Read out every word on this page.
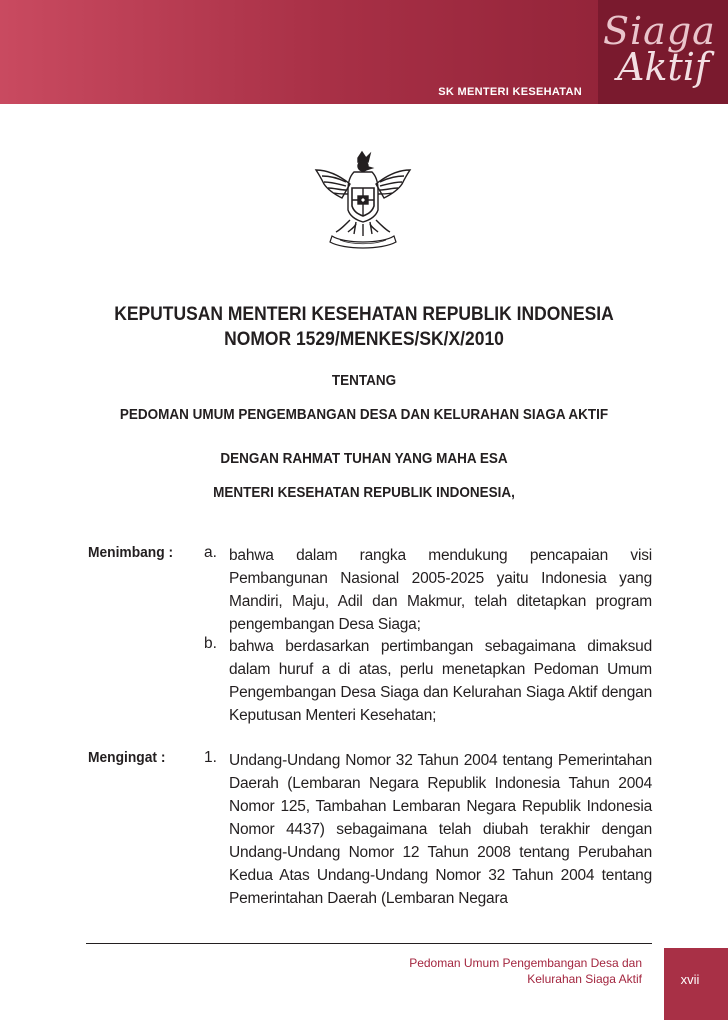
Siaga
Aktif
SK MENTERI KESEHATAN
KEPUTUSAN MENTERI KESEHATAN REPUBLIK INDONESIA
NOMOR 1529/MENKES/SK/X/2010
TENTANG
PEDOMAN UMUM PENGEMBANGAN DESA DAN KELURAHAN SIAGA AKTIF
DENGAN RAHMAT TUHAN YANG MAHA ESA
MENTERI KESEHATAN REPUBLIK INDONESIA,
Menimbang : a. bahwa dalam rangka mendukung pencapaian visi Pembangunan Nasional 2005-2025 yaitu Indonesia yang Mandiri, Maju, Adil dan Makmur, telah ditetapkan program pengembangan Desa Siaga;
b. bahwa berdasarkan pertimbangan sebagaimana dimaksud dalam huruf a di atas, perlu menetapkan Pedoman Umum Pengembangan Desa Siaga dan Kelurahan Siaga Aktif dengan Keputusan Menteri Kesehatan;
Mengingat : 1. Undang-Undang Nomor 32 Tahun 2004 tentang Pemerintahan Daerah (Lembaran Negara Republik Indonesia Tahun 2004 Nomor 125, Tambahan Lembaran Negara Republik Indonesia Nomor 4437) sebagaimana telah diubah terakhir dengan Undang-Undang Nomor 12 Tahun 2008 tentang Perubahan Kedua Atas Undang-Undang Nomor 32 Tahun 2004 tentang Pemerintahan Daerah (Lembaran Negara
Pedoman Umum Pengembangan Desa dan
Kelurahan Siaga Aktif	xvii
